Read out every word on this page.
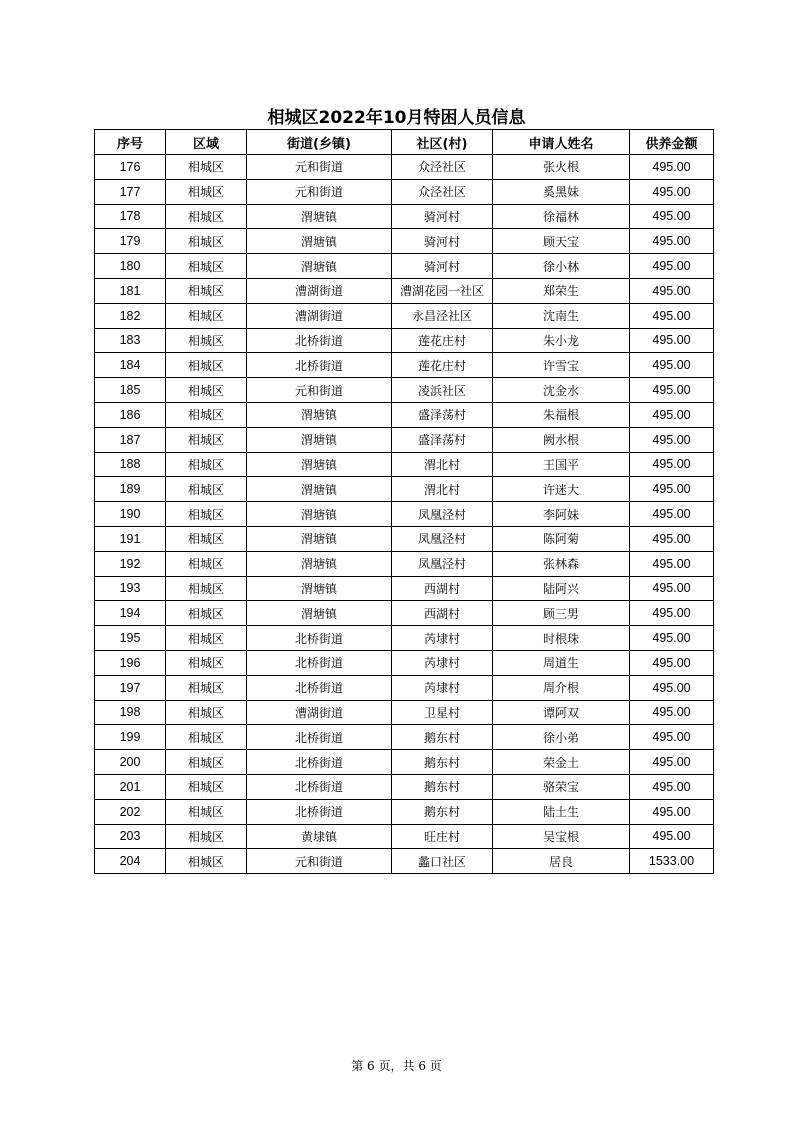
相城区2022年10月特困人员信息
序号	区域	街道(乡镇)	社区(村)	申请人姓名	供养金额
176	相城区	元和街道	众泾社区	张火根	495.00
177	相城区	元和街道	众泾社区	奚黑妹	495.00
178	相城区	渭塘镇	骑河村	徐福林	495.00
179	相城区	渭塘镇	骑河村	顾天宝	495.00
180	相城区	渭塘镇	骑河村	徐小林	495.00
181	相城区	漕湖街道	漕湖花园一社区	郑荣生	495.00
182	相城区	漕湖街道	永昌泾社区	沈南生	495.00
183	相城区	北桥街道	莲花庄村	朱小龙	495.00
184	相城区	北桥街道	莲花庄村	许雪宝	495.00
185	相城区	元和街道	凌浜社区	沈金水	495.00
186	相城区	渭塘镇	盛泽荡村	朱福根	495.00
187	相城区	渭塘镇	盛泽荡村	阙水根	495.00
188	相城区	渭塘镇	渭北村	王国平	495.00
189	相城区	渭塘镇	渭北村	许迷大	495.00
190	相城区	渭塘镇	凤凰泾村	李阿妹	495.00
191	相城区	渭塘镇	凤凰泾村	陈阿菊	495.00
192	相城区	渭塘镇	凤凰泾村	张林森	495.00
193	相城区	渭塘镇	西湖村	陆阿兴	495.00
194	相城区	渭塘镇	西湖村	顾三男	495.00
195	相城区	北桥街道	芮埭村	时根珠	495.00
196	相城区	北桥街道	芮埭村	周道生	495.00
197	相城区	北桥街道	芮埭村	周介根	495.00
198	相城区	漕湖街道	卫星村	谭阿双	495.00
199	相城区	北桥街道	鹅东村	徐小弟	495.00
200	相城区	北桥街道	鹅东村	荣金土	495.00
201	相城区	北桥街道	鹅东村	骆荣宝	495.00
202	相城区	北桥街道	鹅东村	陆土生	495.00
203	相城区	黄埭镇	旺庄村	吴宝根	495.00
204	相城区	元和街道	蠡口社区	居良	1533.00
第 6 页，共 6 页
